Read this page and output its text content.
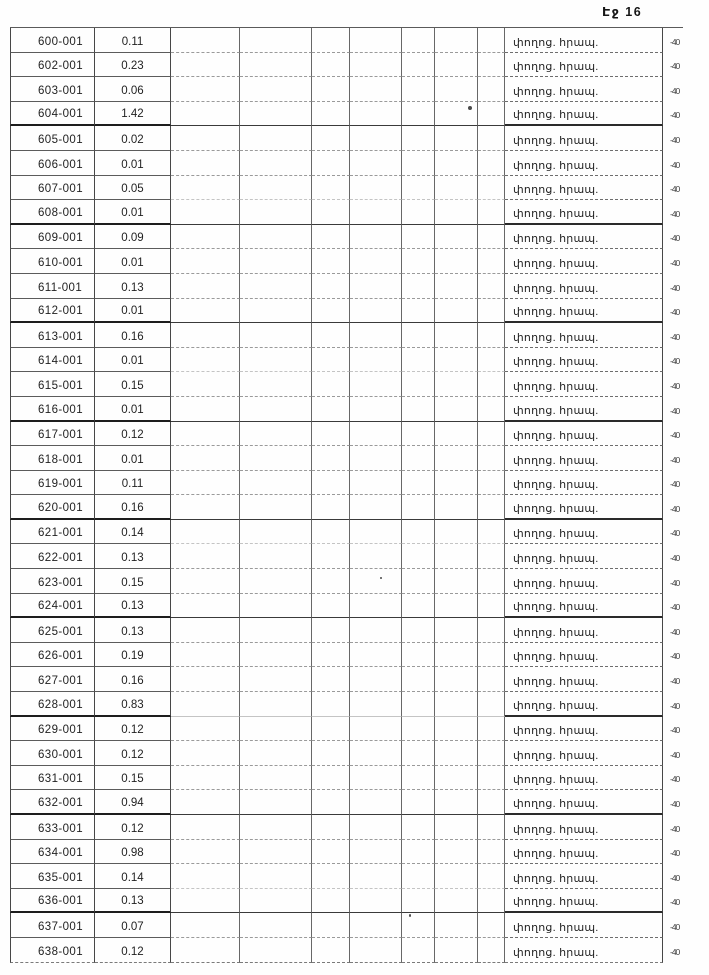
Էջ 16
600-001	0.11	փողոց. հրապ.	-40
602-001	0.23	փողոց. հրապ.	-40
603-001	0.06	փողոց. հրապ.	-40
604-001	1.42	փողոց. հրապ.	-40
605-001	0.02	փողոց. հրապ.	-40
606-001	0.01	փողոց. հրապ.	-40
607-001	0.05	փողոց. հրապ.	-40
608-001	0.01	փողոց. հրապ.	-40
609-001	0.09	փողոց. հրապ.	-40
610-001	0.01	փողոց. հրապ.	-40
611-001	0.13	փողոց. հրապ.	-40
612-001	0.01	փողոց. հրապ.	-40
613-001	0.16	փողոց. հրապ.	-40
614-001	0.01	փողոց. հրապ.	-40
615-001	0.15	փողոց. հրապ.	-40
616-001	0.01	փողոց. հրապ.	-40
617-001	0.12	փողոց. հրապ.	-40
618-001	0.01	փողոց. հրապ.	-40
619-001	0.11	փողոց. հրապ.	-40
620-001	0.16	փողոց. հրապ.	-40
621-001	0.14	փողոց. հրապ.	-40
622-001	0.13	փողոց. հրապ.	-40
623-001	0.15	փողոց. հրապ.	-40
624-001	0.13	փողոց. հրապ.	-40
625-001	0.13	փողոց. հրապ.	-40
626-001	0.19	փողոց. հրապ.	-40
627-001	0.16	փողոց. հրապ.	-40
628-001	0.83	փողոց. հրապ.	-40
629-001	0.12	փողոց. հրապ.	-40
630-001	0.12	փողոց. հրապ.	-40
631-001	0.15	փողոց. հրապ.	-40
632-001	0.94	փողոց. հրապ.	-40
633-001	0.12	փողոց. հրապ.	-40
634-001	0.98	փողոց. հրապ.	-40
635-001	0.14	փողոց. հրապ.	-40
636-001	0.13	փողոց. հրապ.	-40
637-001	0.07	փողոց. հրապ.	-40
638-001	0.12	փողոց. հրապ.	-40
